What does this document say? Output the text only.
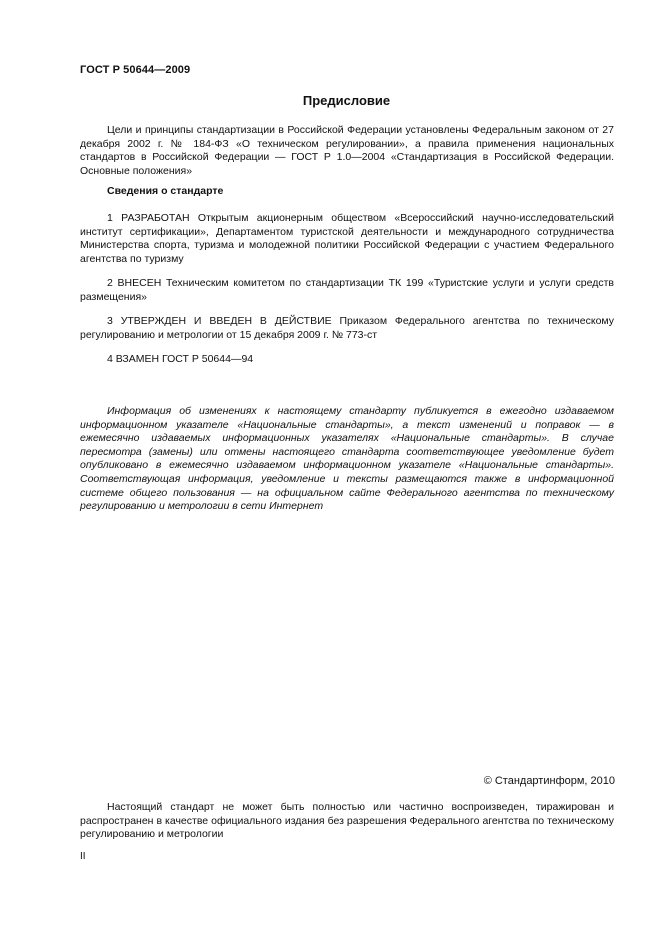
ГОСТ Р 50644—2009
Предисловие

Цели и принципы стандартизации в Российской Федерации установлены Федеральным законом от 27 декабря 2002 г. № 184-ФЗ «О техническом регулировании», а правила применения национальных стандартов в Российской Федерации — ГОСТ Р 1.0—2004 «Стандартизация в Российской Федерации. Основные положения»

Сведения о стандарте

1 РАЗРАБОТАН Открытым акционерным обществом «Всероссийский научно-исследовательский институт сертификации», Департаментом туристской деятельности и международного сотрудничества Министерства спорта, туризма и молодежной политики Российской Федерации с участием Федерального агентства по туризму

2 ВНЕСЕН Техническим комитетом по стандартизации ТК 199 «Туристские услуги и услуги средств размещения»

3 УТВЕРЖДЕН И ВВЕДЕН В ДЕЙСТВИЕ Приказом Федерального агентства по техническому регулированию и метрологии от 15 декабря 2009 г. № 773-ст

4 ВЗАМЕН ГОСТ Р 50644—94

Информация об изменениях к настоящему стандарту публикуется в ежегодно издаваемом информационном указателе «Национальные стандарты», а текст изменений и поправок — в ежемесячно издаваемых информационных указателях «Национальные стандарты». В случае пересмотра (замены) или отмены настоящего стандарта соответствующее уведомление будет опубликовано в ежемесячно издаваемом информационном указателе «Национальные стандарты». Соответствующая информация, уведомление и тексты размещаются также в информационной системе общего пользования — на официальном сайте Федерального агентства по техническому регулированию и метрологии в сети Интернет

© Стандартинформ, 2010

Настоящий стандарт не может быть полностью или частично воспроизведен, тиражирован и распространен в качестве официального издания без разрешения Федерального агентства по техническому регулированию и метрологии

II
